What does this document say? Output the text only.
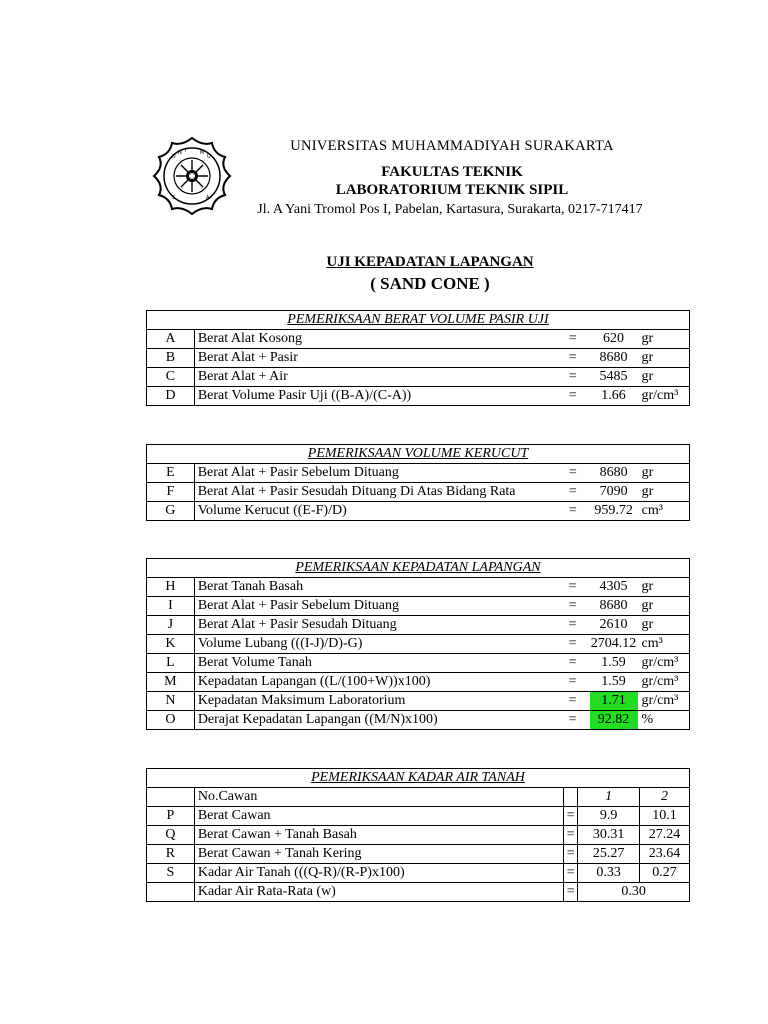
U
N I	M
U
S	A
UNIVERSITAS MUHAMMADIYAH SURAKARTA
FAKULTAS TEKNIK
LABORATORIUM TEKNIK SIPIL
Jl. A Yani Tromol Pos I, Pabelan, Kartasura, Surakarta, 0217-717417
UJI KEPADATAN LAPANGAN
( SAND CONE )
PEMERIKSAAN BERAT VOLUME PASIR UJI				
A	Berat Alat Kosong	=	620	gr
B	Berat Alat + Pasir	=	8680	gr
C	Berat Alat + Air	=	5485	gr
D	Berat Volume Pasir Uji ((B-A)/(C-A))	=	1.66	gr/cm³
PEMERIKSAAN VOLUME KERUCUT				
E	Berat Alat + Pasir Sebelum Dituang	=	8680	gr
F	Berat Alat + Pasir Sesudah Dituang Di Atas Bidang Rata	=	7090	gr
G	Volume Kerucut ((E-F)/D)	=	959.72	cm³
PEMERIKSAAN KEPADATAN LAPANGAN				
H	Berat Tanah Basah	=	4305	gr
I	Berat Alat + Pasir Sebelum Dituang	=	8680	gr
J	Berat Alat + Pasir Sesudah Dituang	=	2610	gr
K	Volume Lubang (((I-J)/D)-G)	=	2704.12	cm³
L	Berat Volume Tanah	=	1.59	gr/cm³
M	Kepadatan Lapangan ((L/(100+W))x100)	=	1.59	gr/cm³
N	Kepadatan Maksimum Laboratorium	=	1.71	gr/cm³
O	Derajat Kepadatan Lapangan ((M/N)x100)	=	92.82	%
PEMERIKSAAN KADAR AIR TANAH				
	No.Cawan		1	2
P	Berat Cawan	=	9.9	10.1
Q	Berat Cawan + Tanah Basah	=	30.31	27.24
R	Berat Cawan + Tanah Kering	=	25.27	23.64
S	Kadar Air Tanah (((Q-R)/(R-P)x100)	=	0.33	0.27
	Kadar Air Rata-Rata (w)	=	0.30	
